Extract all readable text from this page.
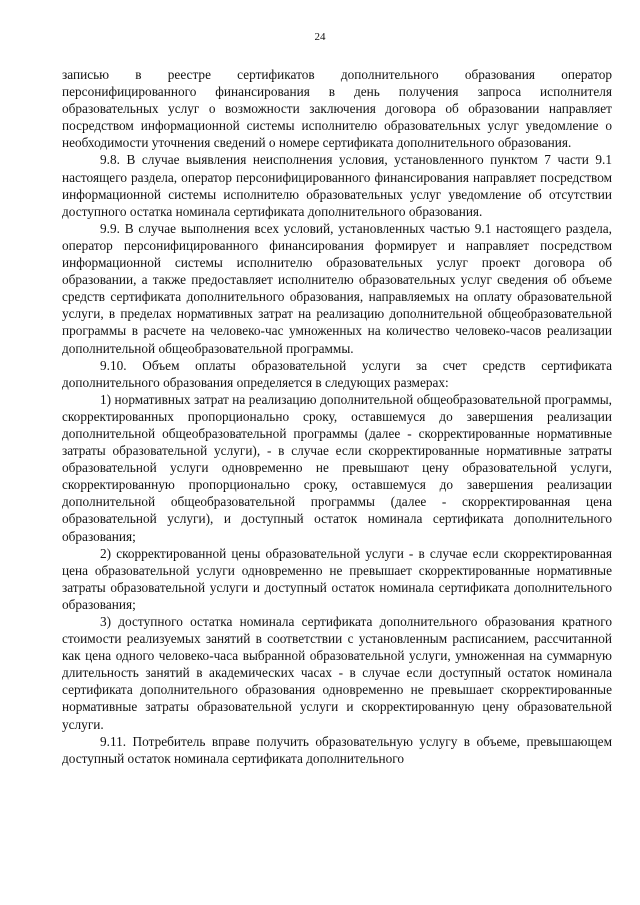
24

записью в реестре сертификатов дополнительного образования оператор персонифицированного финансирования в день получения запроса исполнителя образовательных услуг о возможности заключения договора об образовании направляет посредством информационной системы исполнителю образовательных услуг уведомление о необходимости уточнения сведений о номере сертификата дополнительного образования.

9.8. В случае выявления неисполнения условия, установленного пунктом 7 части 9.1 настоящего раздела, оператор персонифицированного финансирования направляет посредством информационной системы исполнителю образовательных услуг уведомление об отсутствии доступного остатка номинала сертификата дополнительного образования.

9.9. В случае выполнения всех условий, установленных частью 9.1 настоящего раздела, оператор персонифицированного финансирования формирует и направляет посредством информационной системы исполнителю образовательных услуг проект договора об образовании, а также предоставляет исполнителю образовательных услуг сведения об объеме средств сертификата дополнительного образования, направляемых на оплату образовательной услуги, в пределах нормативных затрат на реализацию дополнительной общеобразовательной программы в расчете на человеко-час умноженных на количество человеко-часов реализации дополнительной общеобразовательной программы.

9.10. Объем оплаты образовательной услуги за счет средств сертификата дополнительного образования определяется в следующих размерах:

1) нормативных затрат на реализацию дополнительной общеобразовательной программы, скорректированных пропорционально сроку, оставшемуся до завершения реализации дополнительной общеобразовательной программы (далее - скорректированные нормативные затраты образовательной услуги), - в случае если скорректированные нормативные затраты образовательной услуги одновременно не превышают цену образовательной услуги, скорректированную пропорционально сроку, оставшемуся до завершения реализации дополнительной общеобразовательной программы (далее - скорректированная цена образовательной услуги), и доступный остаток номинала сертификата дополнительного образования;

2) скорректированной цены образовательной услуги - в случае если скорректированная цена образовательной услуги одновременно не превышает скорректированные нормативные затраты образовательной услуги и доступный остаток номинала сертификата дополнительного образования;

3) доступного остатка номинала сертификата дополнительного образования кратного стоимости реализуемых занятий в соответствии с установленным расписанием, рассчитанной как цена одного человеко-часа выбранной образовательной услуги, умноженная на суммарную длительность занятий в академических часах - в случае если доступный остаток номинала сертификата дополнительного образования одновременно не превышает скорректированные нормативные затраты образовательной услуги и скорректированную цену образовательной услуги.

9.11. Потребитель вправе получить образовательную услугу в объеме, превышающем доступный остаток номинала сертификата дополнительного
